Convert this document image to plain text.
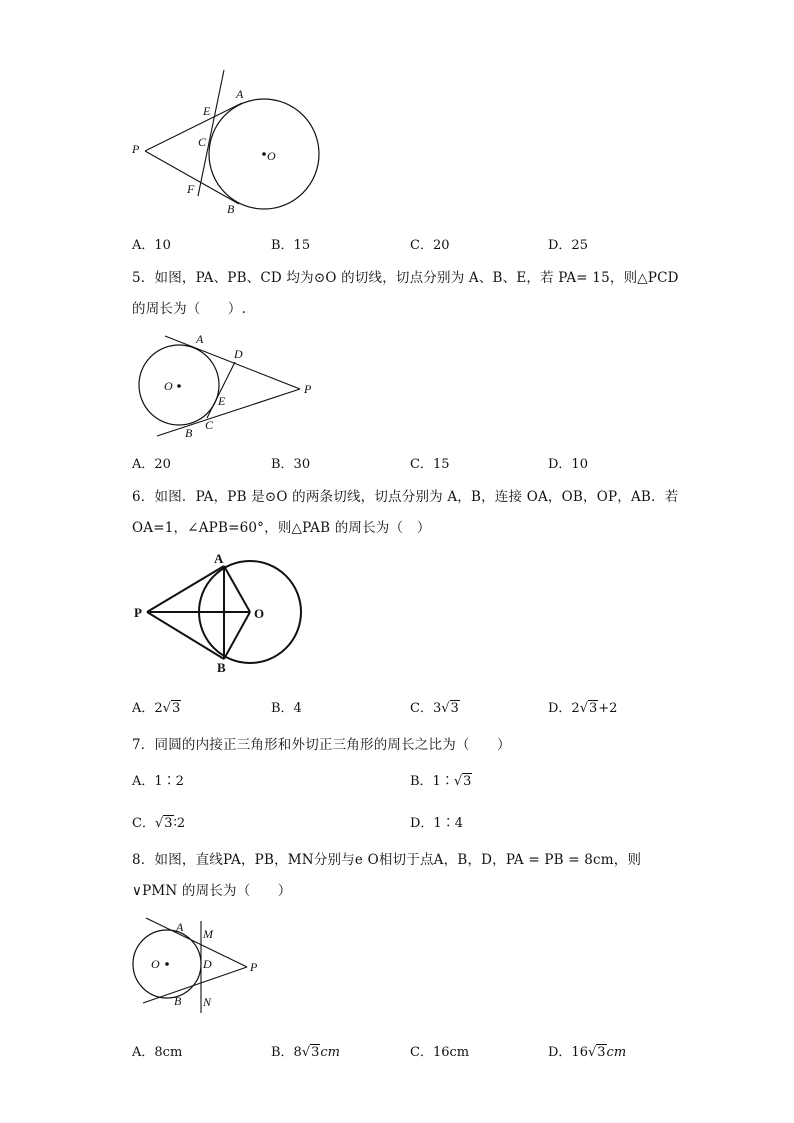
A
E
C
P	O
F
B
A．10	B．15	C．20	D．25
5．如图，PA、PB、CD 均为⊙O 的切线，切点分别为 A、B、E，若 PA= 15，则△PCD
的周长为（　　）.
A
D
O	P
E
B
C
A．20	B．30	C．15	D．10
6．如图．PA，PB 是⊙O 的两条切线，切点分别为 A，B，连接 OA，OB，OP，AB．若
OA=1，∠APB=60°，则△PAB 的周长为（　）
A
P	O
B
A．2√3	B．4	C．3√3	D．2√3+2
7．同圆的内接正三角形和外切正三角形的周长之比为（　　）
A．1∶2	B．1∶√3
C．√3∶2	D．1∶4
8．如图，直线PA，PB，MN分别与e O相切于点A，B，D，PA = PB = 8cm，则
∨PMN 的周长为（　　）
A M
O	D	P
B N
A．8cm	B．8√3cm	C．16cm	D．16√3cm
